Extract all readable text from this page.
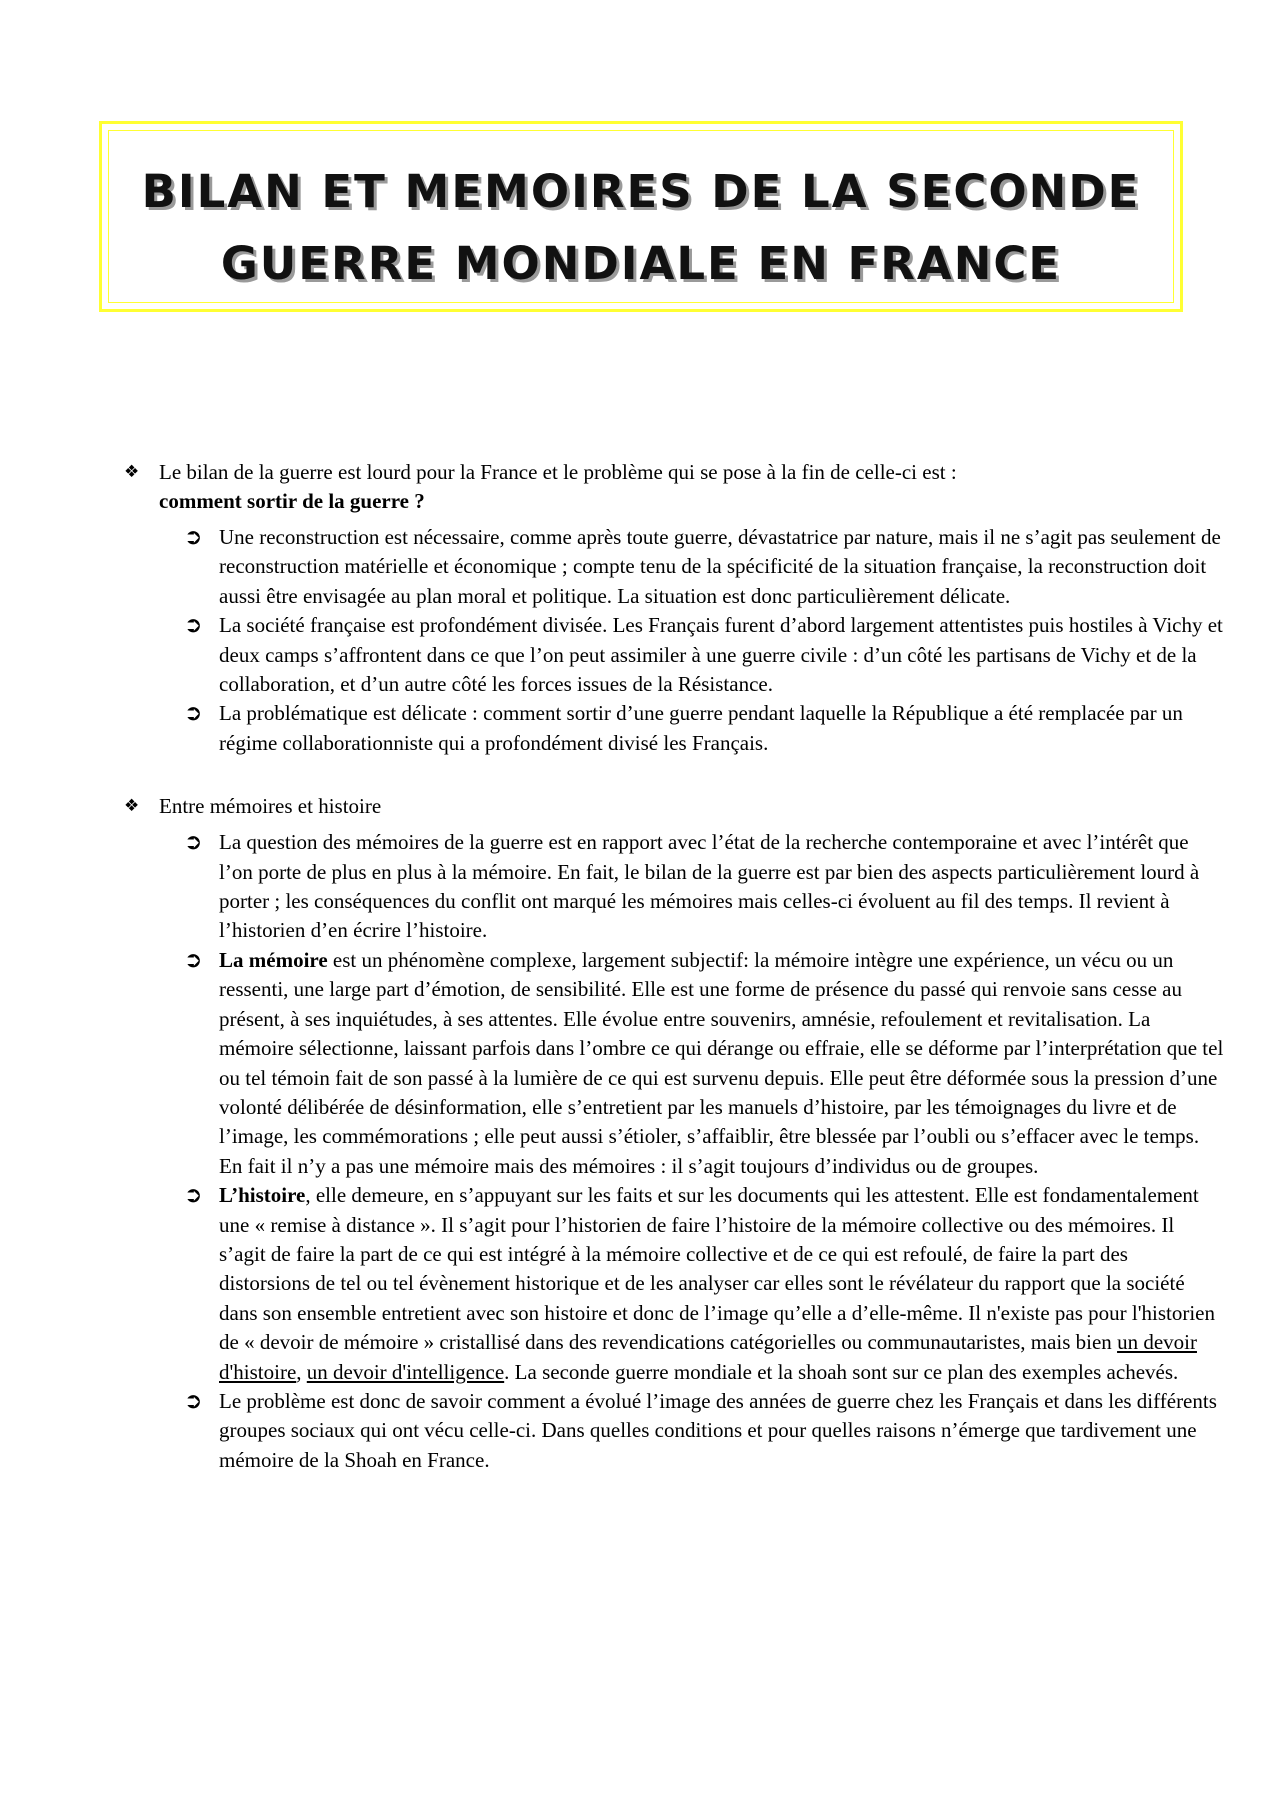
BILAN ET MEMOIRES DE LA SECONDE
GUERRE MONDIALE EN FRANCE
❖ Le bilan de la guerre est lourd pour la France et le problème qui se pose à la fin de celle-ci est :
comment sortir de la guerre ?
➲ Une reconstruction est nécessaire, comme après toute guerre, dévastatrice par nature, mais il ne s’agit pas seulement de reconstruction matérielle et économique ; compte tenu de la spécificité de la situation française, la reconstruction doit aussi être envisagée au plan moral et politique. La situation est donc particulièrement délicate.
➲ La société française est profondément divisée. Les Français furent d’abord largement attentistes puis hostiles à Vichy et deux camps s’affrontent dans ce que l’on peut assimiler à une guerre civile : d’un côté les partisans de Vichy et de la collaboration, et d’un autre côté les forces issues de la Résistance.
➲ La problématique est délicate : comment sortir d’une guerre pendant laquelle la République a été remplacée par un régime collaborationniste qui a profondément divisé les Français.
❖ Entre mémoires et histoire
➲ La question des mémoires de la guerre est en rapport avec l’état de la recherche contemporaine et avec l’intérêt que l’on porte de plus en plus à la mémoire. En fait, le bilan de la guerre est par bien des aspects particulièrement lourd à porter ; les conséquences du conflit ont marqué les mémoires mais celles-ci évoluent au fil des temps. Il revient à l’historien d’en écrire l’histoire.
➲ La mémoire est un phénomène complexe, largement subjectif: la mémoire intègre une expérience, un vécu ou un ressenti, une large part d’émotion, de sensibilité. Elle est une forme de présence du passé qui renvoie sans cesse au présent, à ses inquiétudes, à ses attentes. Elle évolue entre souvenirs, amnésie, refoulement et revitalisation. La mémoire sélectionne, laissant parfois dans l’ombre ce qui dérange ou effraie, elle se déforme par l’interprétation que tel ou tel témoin fait de son passé à la lumière de ce qui est survenu depuis. Elle peut être déformée sous la pression d’une volonté délibérée de désinformation, elle s’entretient par les manuels d’histoire, par les témoignages du livre et de l’image, les commémorations ; elle peut aussi s’étioler, s’affaiblir, être blessée par l’oubli ou s’effacer avec le temps. En fait il n’y a pas une mémoire mais des mémoires : il s’agit toujours d’individus ou de groupes.
➲ L’histoire, elle demeure, en s’appuyant sur les faits et sur les documents qui les attestent. Elle est fondamentalement une « remise à distance ». Il s’agit pour l’historien de faire l’histoire de la mémoire collective ou des mémoires. Il s’agit de faire la part de ce qui est intégré à la mémoire collective et de ce qui est refoulé, de faire la part des distorsions de tel ou tel évènement historique et de les analyser car elles sont le révélateur du rapport que la société dans son ensemble entretient avec son histoire et donc de l’image qu’elle a d’elle-même. Il n'existe pas pour l'historien de « devoir de mémoire » cristallisé dans des revendications catégorielles ou communautaristes, mais bien un devoir d'histoire, un devoir d'intelligence. La seconde guerre mondiale et la shoah sont sur ce plan des exemples achevés.
➲ Le problème est donc de savoir comment a évolué l’image des années de guerre chez les Français et dans les différents groupes sociaux qui ont vécu celle-ci. Dans quelles conditions et pour quelles raisons n’émerge que tardivement une mémoire de la Shoah en France.
